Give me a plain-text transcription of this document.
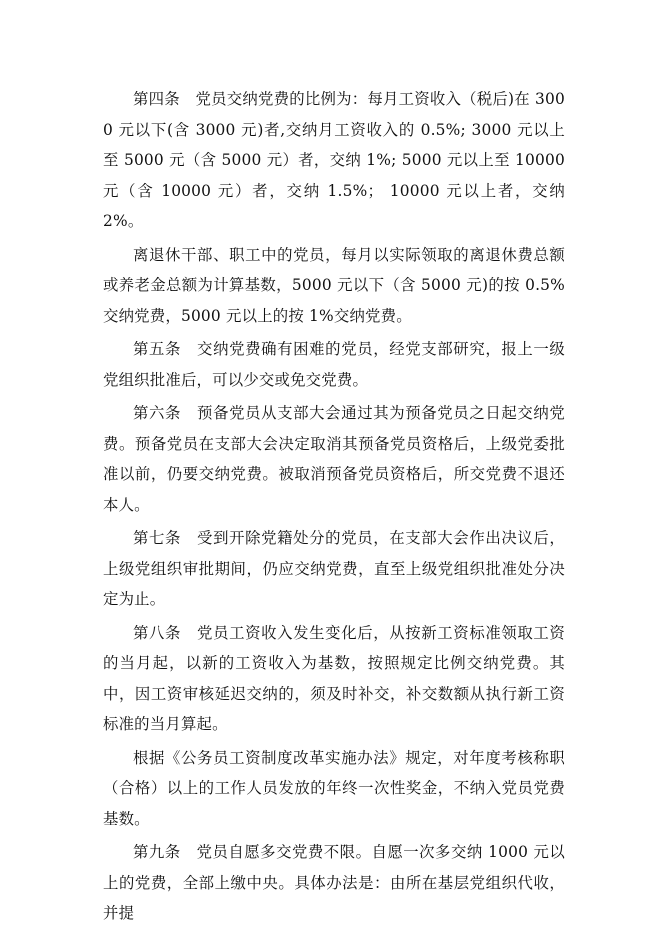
第四条　党员交纳党费的比例为：每月工资收入（税后)在 3000 元以下(含 3000 元)者,交纳月工资收入的 0.5%; 3000 元以上至 5000 元（含 5000 元）者，交纳 1%; 5000 元以上至 10000 元（含 10000 元）者，交纳 1.5%； 10000 元以上者，交纳 2%。

离退休干部、职工中的党员，每月以实际领取的离退休费总额或养老金总额为计算基数，5000 元以下（含 5000 元)的按 0.5%交纳党费，5000 元以上的按 1%交纳党费。

第五条　交纳党费确有困难的党员，经党支部研究，报上一级党组织批准后，可以少交或免交党费。

第六条　预备党员从支部大会通过其为预备党员之日起交纳党费。预备党员在支部大会决定取消其预备党员资格后，上级党委批准以前，仍要交纳党费。被取消预备党员资格后，所交党费不退还本人。

第七条　受到开除党籍处分的党员，在支部大会作出决议后，上级党组织审批期间，仍应交纳党费，直至上级党组织批准处分决定为止。

第八条　党员工资收入发生变化后，从按新工资标准领取工资的当月起，以新的工资收入为基数，按照规定比例交纳党费。其中，因工资审核延迟交纳的，须及时补交，补交数额从执行新工资标准的当月算起。

根据《公务员工资制度改革实施办法》规定，对年度考核称职（合格）以上的工作人员发放的年终一次性奖金，不纳入党员党费基数。

第九条　党员自愿多交党费不限。自愿一次多交纳 1000 元以上的党费，全部上缴中央。具体办法是：由所在基层党组织代收，并提
